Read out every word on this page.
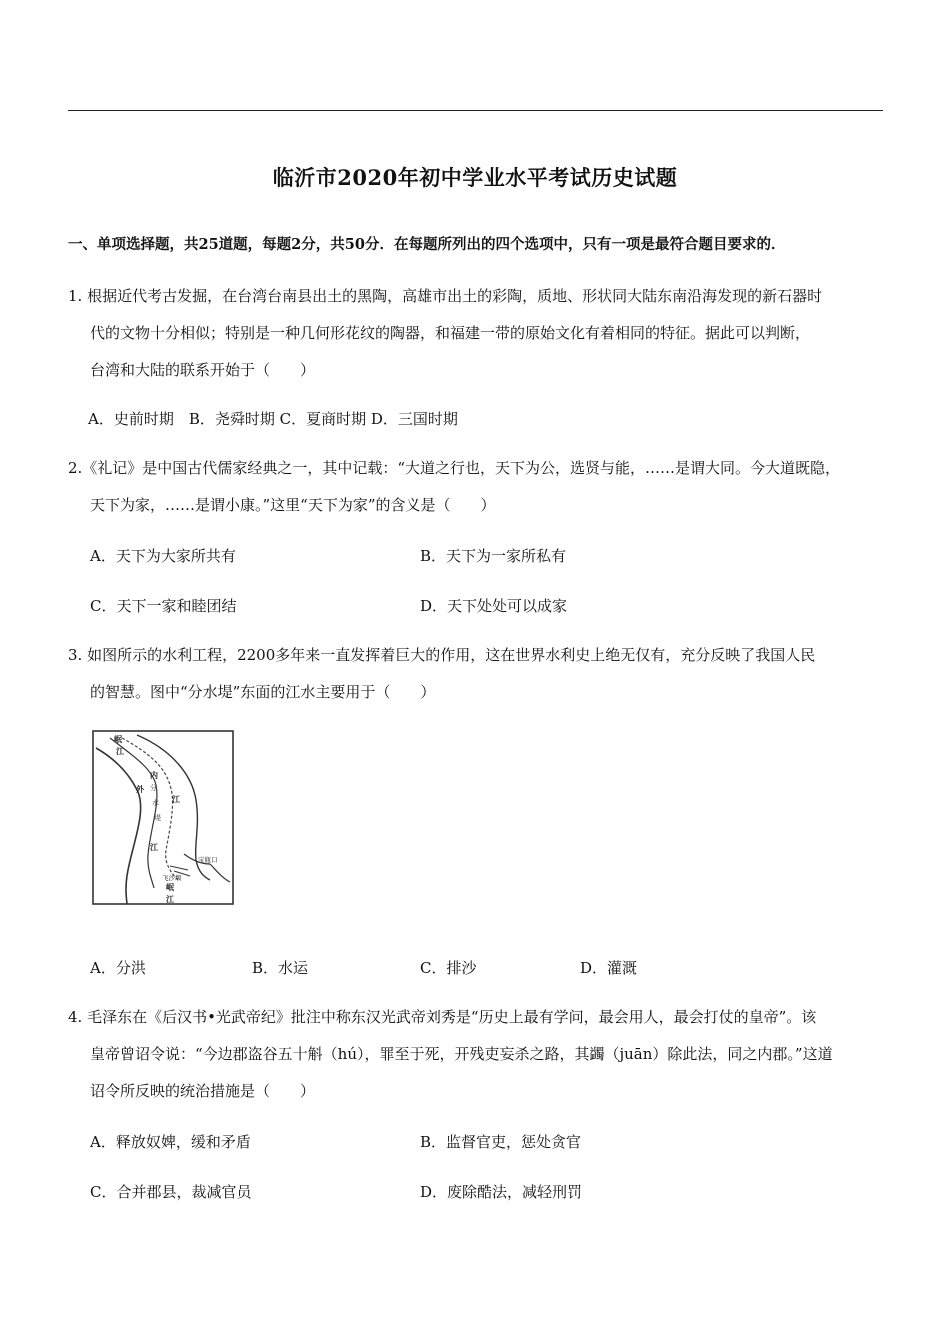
临沂市2020年初中学业水平考试历史试题
一、单项选择题，共25道题，每题2分，共50分．在每题所列出的四个选项中，只有一项是最符合题目要求的．
1. 根据近代考古发掘，在台湾台南县出土的黑陶，高雄市出土的彩陶，质地、形状同大陆东南沿海发现的新石器时
代的文物十分相似；特别是一种几何形花纹的陶器，和福建一带的原始文化有着相同的特征。据此可以判断，
台湾和大陆的联系开始于（　　）
A．史前时期　B．尧舜时期 C．夏商时期 D．三国时期
2.《礼记》是中国古代儒家经典之一，其中记载：“大道之行也，天下为公，选贤与能，……是谓大同。今大道既隐，
天下为家，……是谓小康。”这里“天下为家”的含义是（　　）
A．天下为大家所共有	B．天下为一家所私有
C．天下一家和睦团结	D．天下处处可以成家
3. 如图所示的水利工程，2200多年来一直发挥着巨大的作用，这在世界水利史上绝无仅有，充分反映了我国人民
的智慧。图中“分水堤”东面的江水主要用于（　　）
岷
江
内
外 分
水
堤
江
江
宝瓶口
飞沙堰
岷
江
A．分洪	B．水运	C．排沙	D．灌溉
4. 毛泽东在《后汉书•光武帝纪》批注中称东汉光武帝刘秀是“历史上最有学问，最会用人，最会打仗的皇帝”。该
皇帝曾诏令说：“今边郡盗谷五十斛（hú），罪至于死，开残吏妄杀之路，其蠲（juān）除此法，同之内郡。”这道
诏令所反映的统治措施是（　　）
A．释放奴婢，缓和矛盾	B．监督官吏，惩处贪官
C．合并郡县，裁减官员	D．废除酷法，减轻刑罚
